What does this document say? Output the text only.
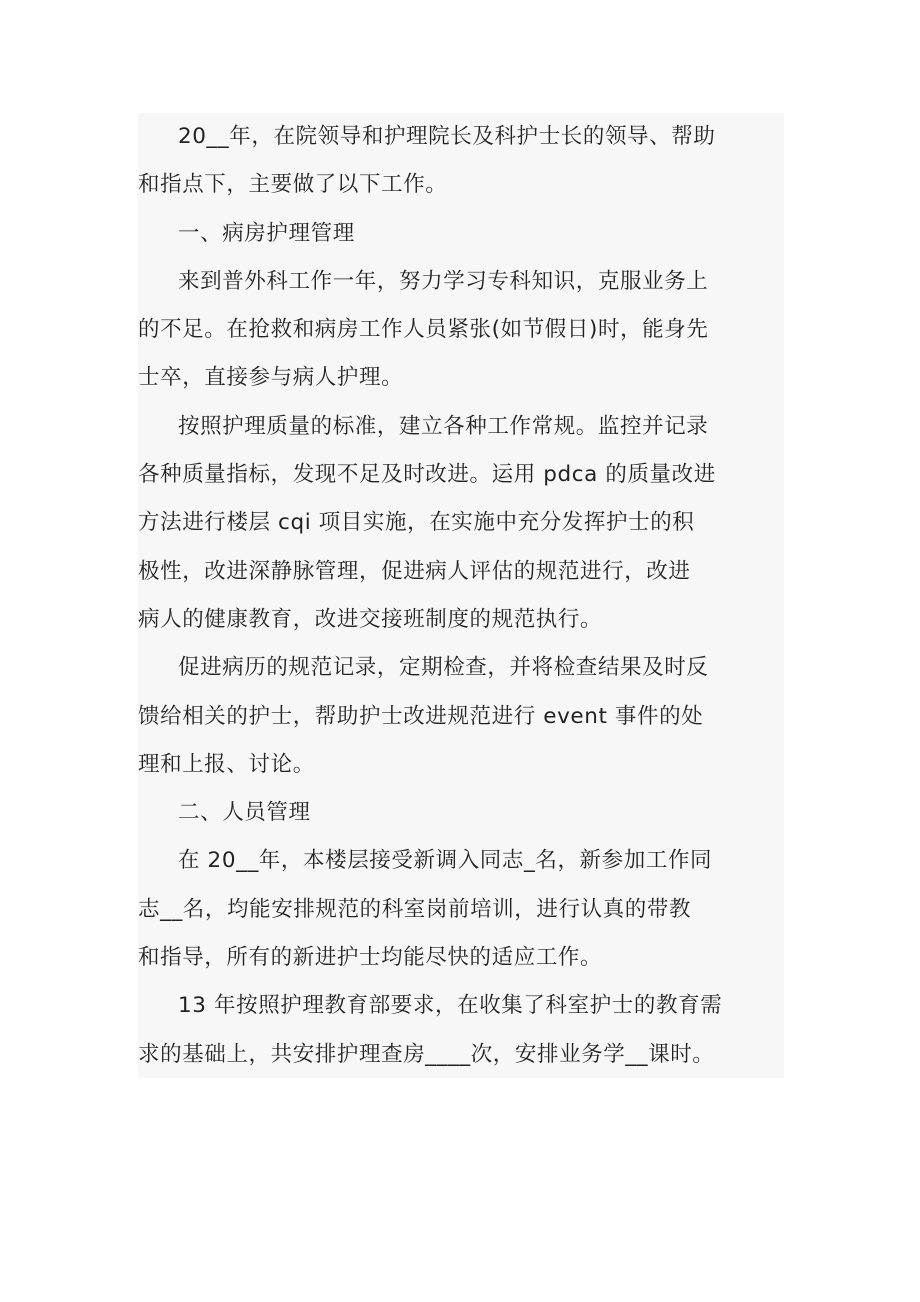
20__年，在院领导和护理院长及科护士长的领导、帮助
和指点下，主要做了以下工作。

一、病房护理管理

来到普外科工作一年，努力学习专科知识，克服业务上
的不足。在抢救和病房工作人员紧张(如节假日)时，能身先
士卒，直接参与病人护理。

按照护理质量的标准，建立各种工作常规。监控并记录
各种质量指标，发现不足及时改进。运用 pdca 的质量改进
方法进行楼层 cqi 项目实施，在实施中充分发挥护士的积
极性，改进深静脉管理，促进病人评估的规范进行，改进
病人的健康教育，改进交接班制度的规范执行。

促进病历的规范记录，定期检查，并将检查结果及时反
馈给相关的护士，帮助护士改进规范进行 event 事件的处
理和上报、讨论。

二、人员管理

在 20__年，本楼层接受新调入同志_名，新参加工作同
志__名，均能安排规范的科室岗前培训，进行认真的带教
和指导，所有的新进护士均能尽快的适应工作。

13 年按照护理教育部要求，在收集了科室护士的教育需
求的基础上，共安排护理查房____次，安排业务学__课时。
